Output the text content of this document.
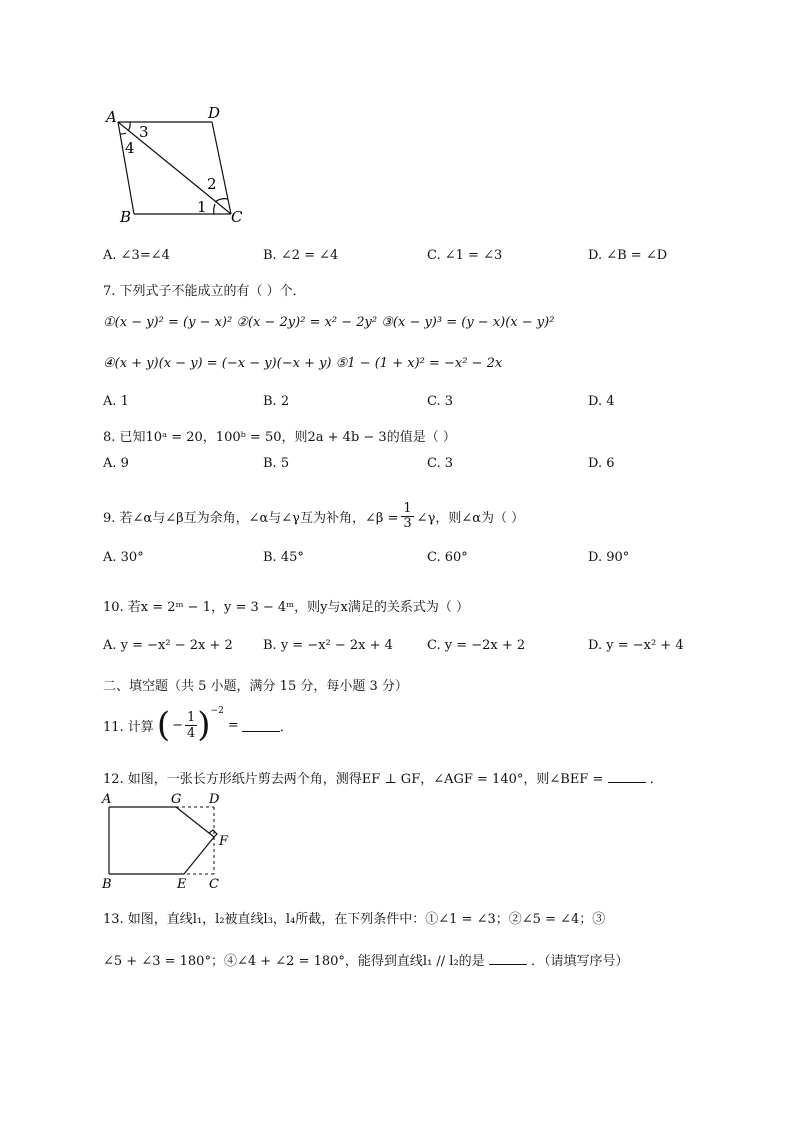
A	D
B	C
3
4
2
1
A. ∠3=∠4	B. ∠2 = ∠4	C. ∠1 = ∠3	D. ∠B = ∠D
7. 下列式子不能成立的有（ ）个．
①(x − y)² = (y − x)² ②(x − 2y)² = x² − 2y² ③(x − y)³ = (y − x)(x − y)²
④(x + y)(x − y) = (−x − y)(−x + y) ⑤1 − (1 + x)² = −x² − 2x
A. 1	B. 2	C. 3	D. 4
8. 已知10ᵃ = 20，100ᵇ = 50，则2a + 4b − 3的值是（ ）
A. 9	B. 5	C. 3	D. 6
9. 若∠α与∠β互为余角，∠α与∠γ互为补角，∠β = $\frac{1}{3}$ ∠γ，则∠α为（ ）
A. 30°	B. 45°	C. 60°	D. 90°
10. 若x = 2ᵐ − 1，y = 3 − 4ᵐ，则y与x满足的关系式为（ ）
A. y = −x² − 2x + 2 B. y = −x² − 2x + 4	C. y = −2x + 2	D. y = −x² + 4
二、填空题（共 5 小题，满分 15 分，每小题 3 分）
11. 计算 ( − $\frac{1}{4} )^{-2}$
=	．
12. 如图，一张长方形纸片剪去两个角，测得EF ⊥ GF，∠AGF = 140°，则∠BEF =	．
A	G D
F
B	E C
13. 如图，直线l₁，l₂被直线l₃，l₄所截，在下列条件中：①∠1 = ∠3；②∠5 = ∠4；③
∠5 + ∠3 = 180°；④∠4 + ∠2 = 180°，能得到直线l₁ // l₂的是	．（请填写序号）
